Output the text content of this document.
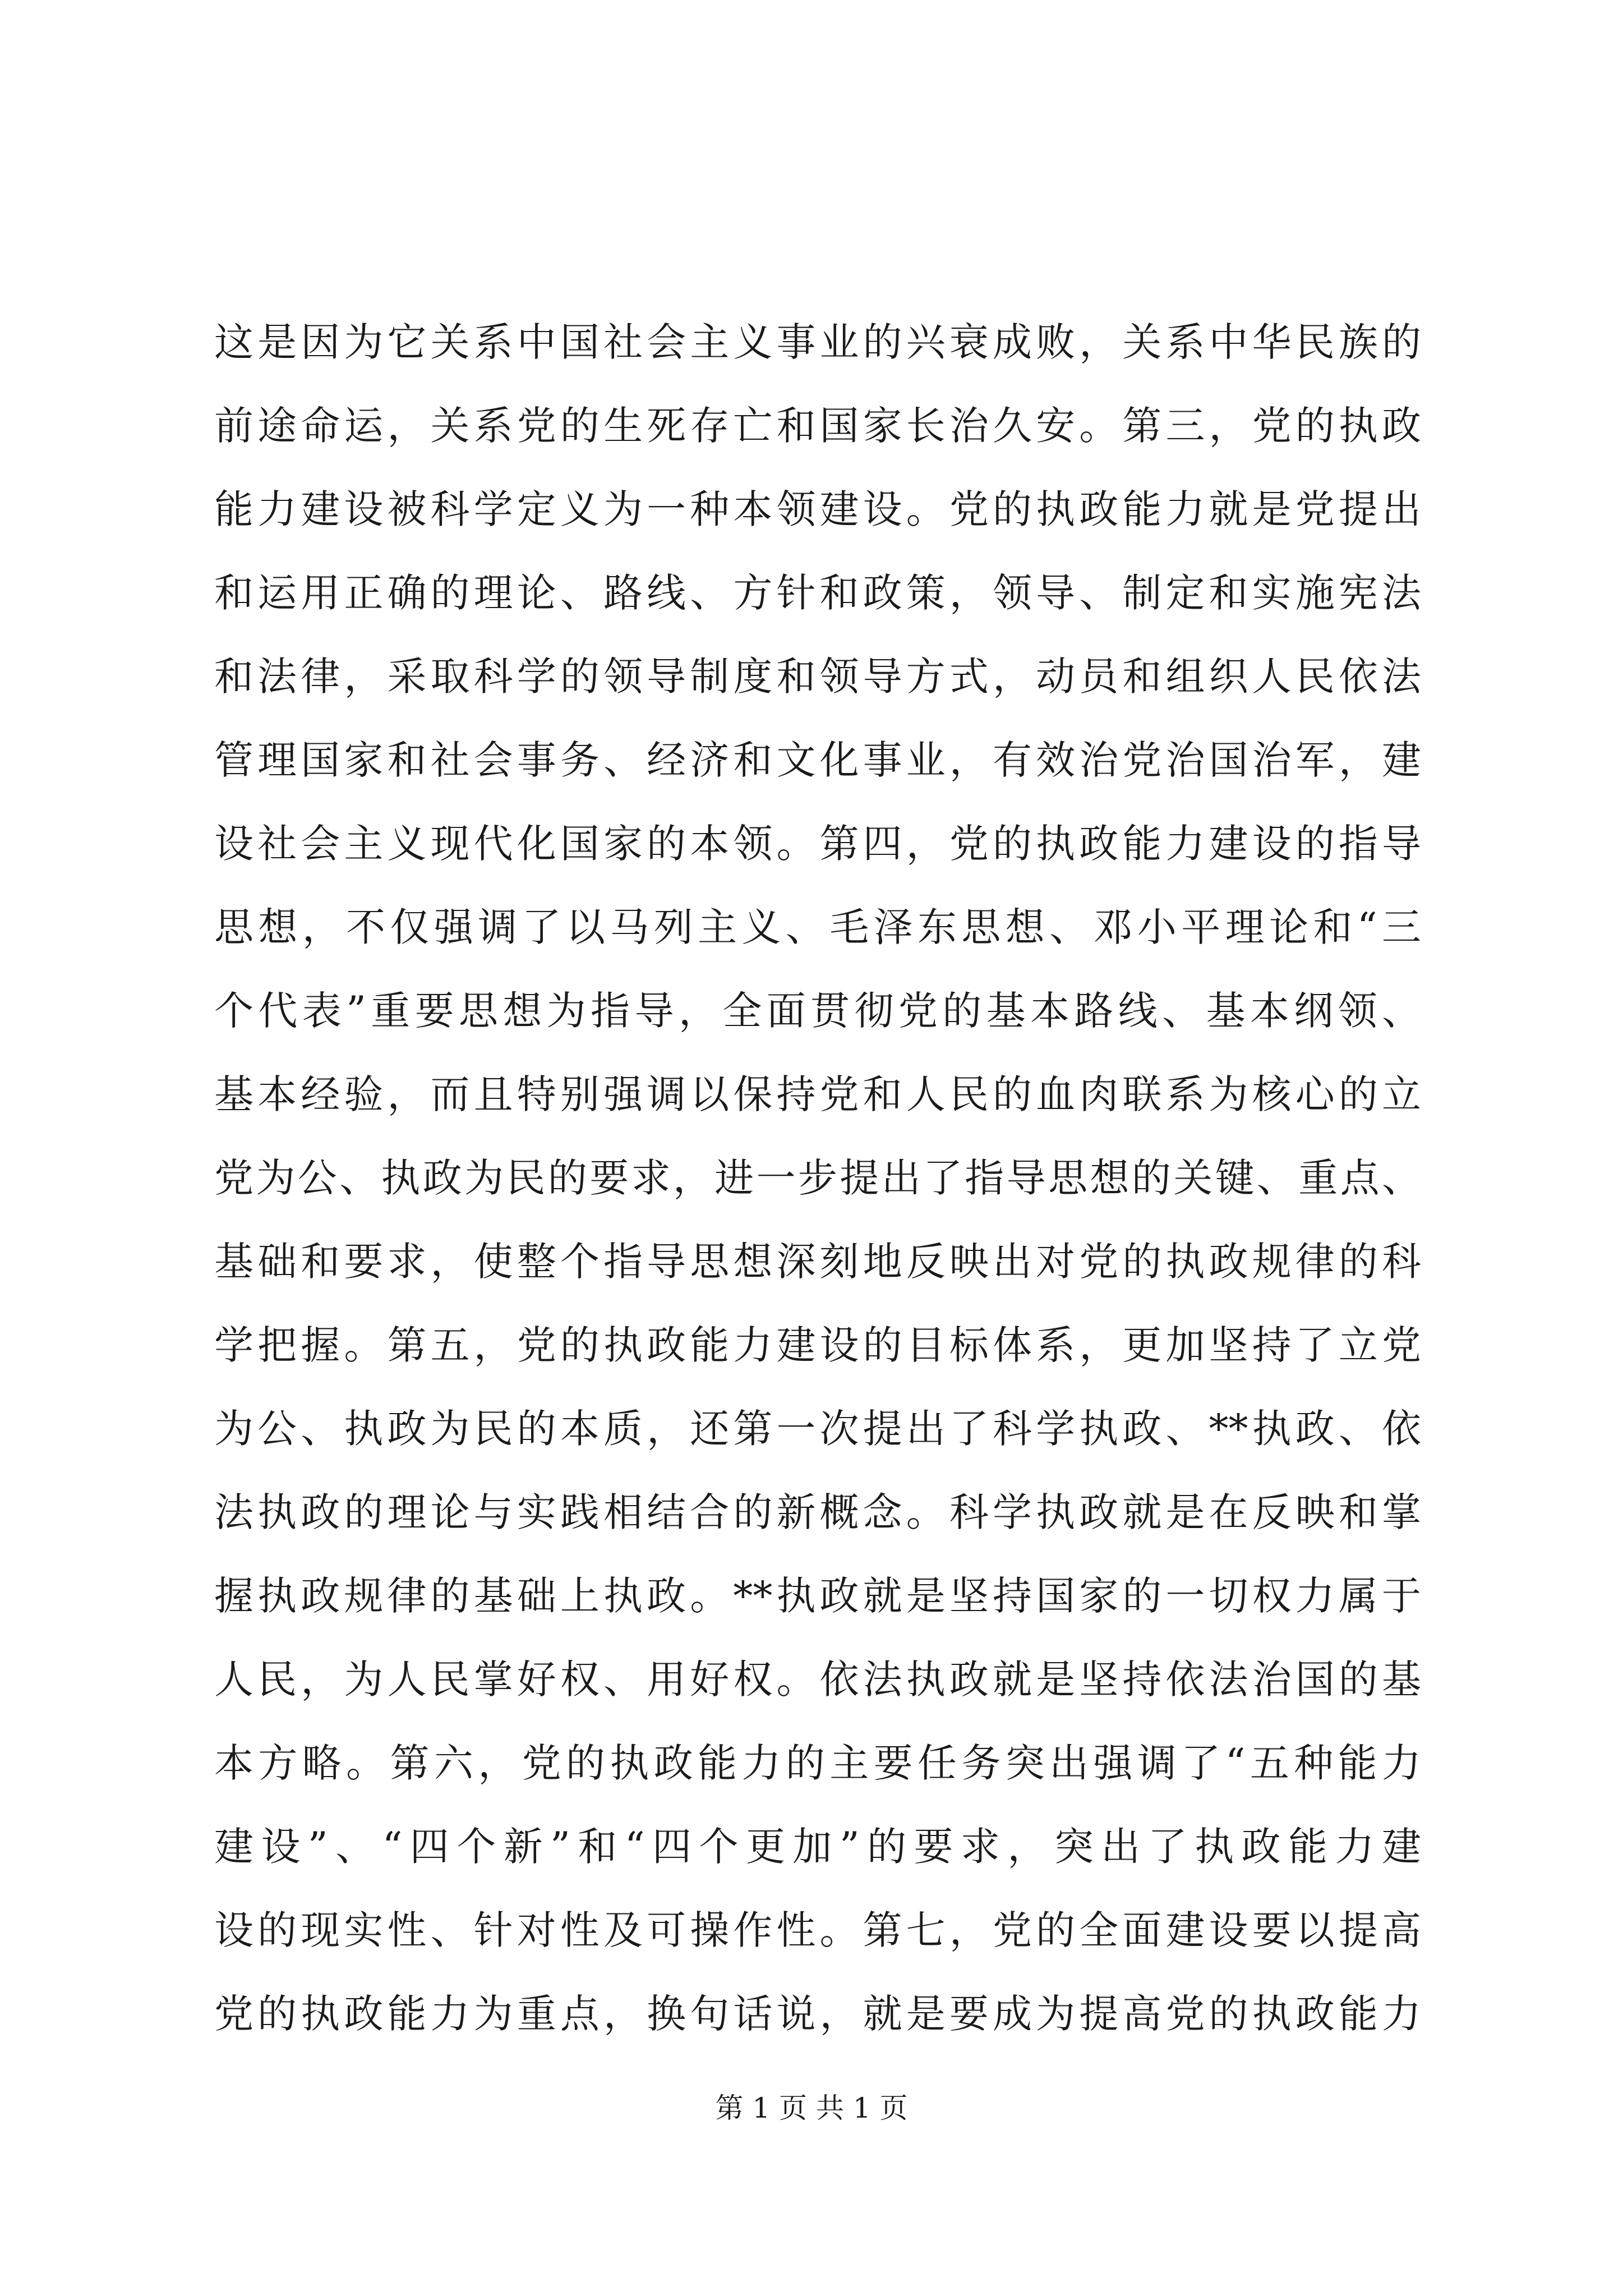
这是因为它关系中国社会主义事业的兴衰成败，关系中华民族的
前途命运，关系党的生死存亡和国家长治久安。第三，党的执政
能力建设被科学定义为一种本领建设。党的执政能力就是党提出
和运用正确的理论、路线、方针和政策，领导、制定和实施宪法
和法律，采取科学的领导制度和领导方式，动员和组织人民依法
管理国家和社会事务、经济和文化事业，有效治党治国治军，建
设社会主义现代化国家的本领。第四，党的执政能力建设的指导
思想，不仅强调了以马列主义、毛泽东思想、邓小平理论和“三
个代表”重要思想为指导，全面贯彻党的基本路线、基本纲领、
基本经验，而且特别强调以保持党和人民的血肉联系为核心的立
党为公、执政为民的要求，进一步提出了指导思想的关键、重点、
基础和要求，使整个指导思想深刻地反映出对党的执政规律的科
学把握。第五，党的执政能力建设的目标体系，更加坚持了立党
为公、执政为民的本质，还第一次提出了科学执政、**执政、依
法执政的理论与实践相结合的新概念。科学执政就是在反映和掌
握执政规律的基础上执政。**执政就是坚持国家的一切权力属于
人民，为人民掌好权、用好权。依法执政就是坚持依法治国的基
本方略。第六，党的执政能力的主要任务突出强调了“五种能力
建设”、“四个新”和“四个更加”的要求，突出了执政能力建
设的现实性、针对性及可操作性。第七，党的全面建设要以提高
党的执政能力为重点，换句话说，就是要成为提高党的执政能力
第 1 页 共 1 页
